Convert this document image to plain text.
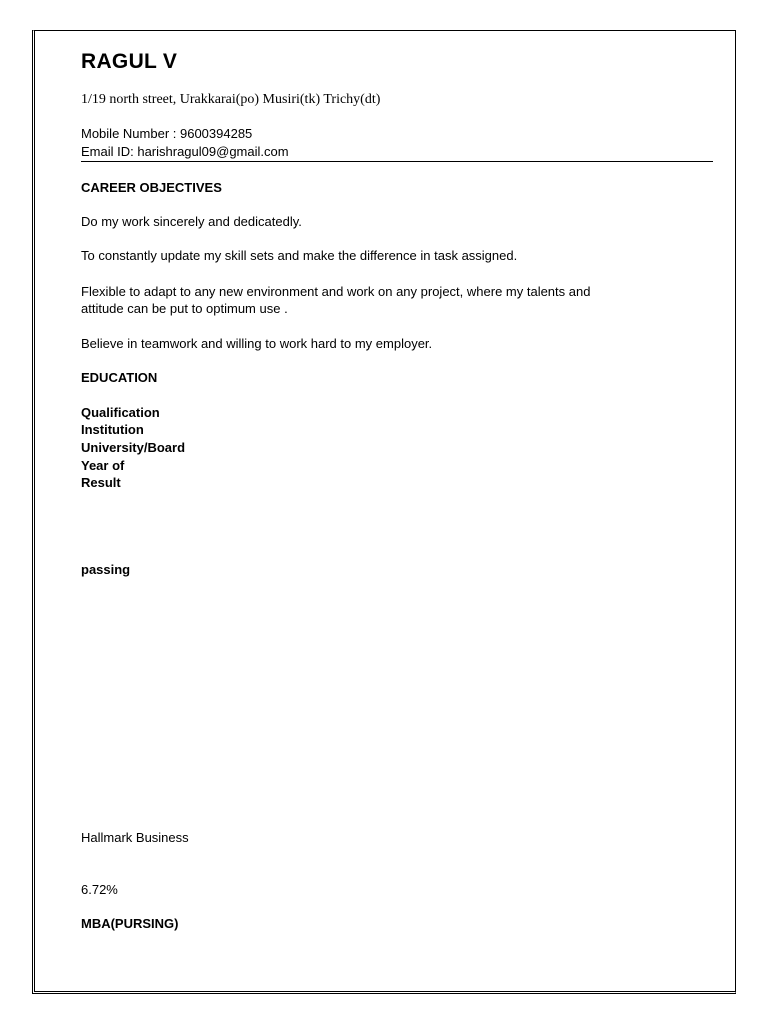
RAGUL V
1/19 north street, Urakkarai(po) Musiri(tk) Trichy(dt)
Mobile Number : 9600394285
Email ID: harishragul09@gmail.com
CAREER OBJECTIVES
Do my work sincerely and dedicatedly.
To constantly update my skill sets and make the difference in task assigned.
Flexible to adapt to any new environment and work on any project, where my talents and
attitude can be put to optimum use .
Believe in teamwork and willing to work hard to my employer.
EDUCATION
Qualification
Institution
University/Board
Year of
Result
passing
Hallmark Business
6.72%
MBA(PURSING)
